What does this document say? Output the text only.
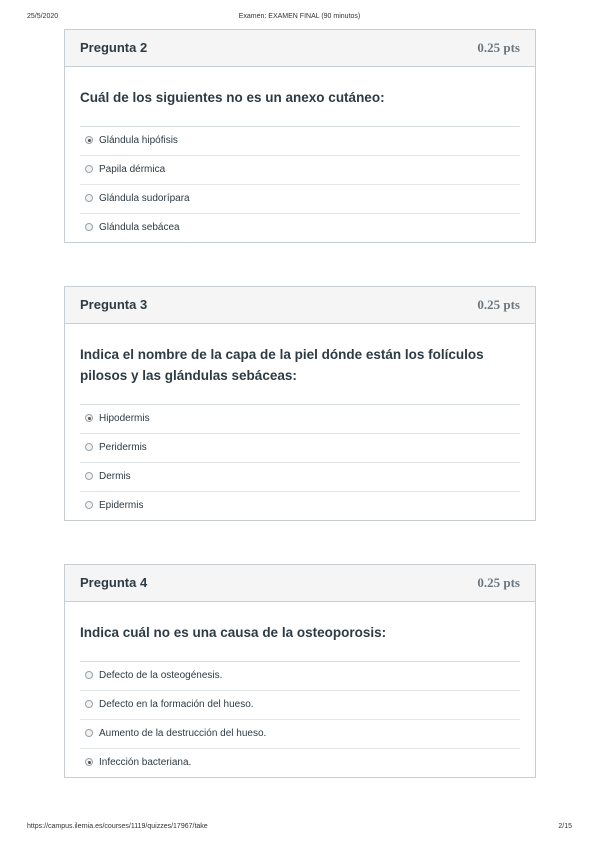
Examen: EXAMEN FINAL (90 minutos)
25/5/2020
Pregunta 2	0.25 pts
Cuál de los siguientes no es un anexo cutáneo:
Glándula hipófisis
Papila dérmica
Glándula sudorípara
Glándula sebácea
Pregunta 3	0.25 pts
Indica el nombre de la capa de la piel dónde están los folículos pilosos y las glándulas sebáceas:
Hipodermis
Peridermis
Dermis
Epidermis
Pregunta 4	0.25 pts
Indica cuál no es una causa de la osteoporosis:
Defecto de la osteogénesis.
Defecto en la formación del hueso.
Aumento de la destrucción del hueso.
Infección bacteriana.
https://campus.ilernia.es/courses/1119/quizzes/17967/take	2/15
